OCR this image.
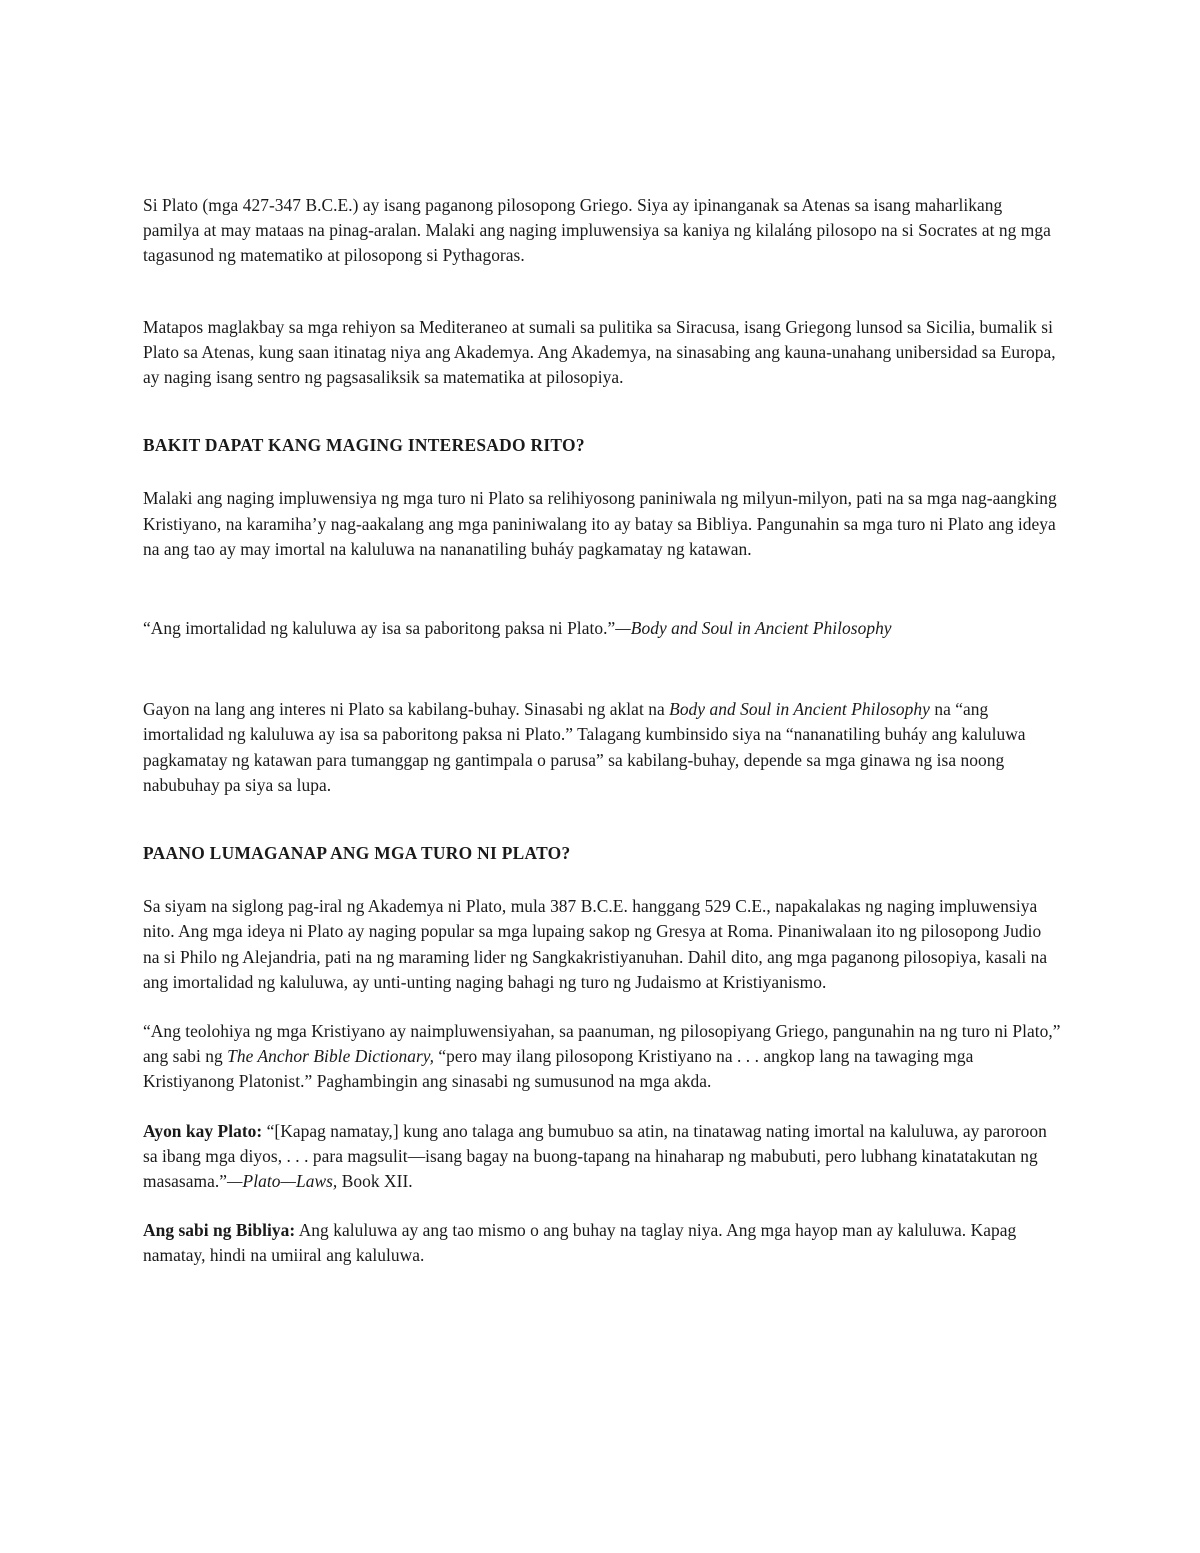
Si Plato (mga 427-347 B.C.E.) ay isang paganong pilosopong Griego. Siya ay ipinanganak sa Atenas sa isang maharlikang pamilya at may mataas na pinag-aralan. Malaki ang naging impluwensiya sa kaniya ng kilaláng pilosopo na si Socrates at ng mga tagasunod ng matematiko at pilosopong si Pythagoras.

Matapos maglakbay sa mga rehiyon sa Mediteraneo at sumali sa pulitika sa Siracusa, isang Griegong lunsod sa Sicilia, bumalik si Plato sa Atenas, kung saan itinatag niya ang Akademya. Ang Akademya, na sinasabing ang kauna-unahang unibersidad sa Europa, ay naging isang sentro ng pagsasaliksik sa matematika at pilosopiya.

BAKIT DAPAT KANG MAGING INTERESADO RITO?

Malaki ang naging impluwensiya ng mga turo ni Plato sa relihiyosong paniniwala ng milyun-milyon, pati na sa mga nag-aangking Kristiyano, na karamiha’y nag-aakalang ang mga paniniwalang ito ay batay sa Bibliya. Pangunahin sa mga turo ni Plato ang ideya na ang tao ay may imortal na kaluluwa na nananatiling buháy pagkamatay ng katawan.

“Ang imortalidad ng kaluluwa ay isa sa paboritong paksa ni Plato.”—Body and Soul in Ancient Philosophy

Gayon na lang ang interes ni Plato sa kabilang-buhay. Sinasabi ng aklat na Body and Soul in Ancient Philosophy na “ang imortalidad ng kaluluwa ay isa sa paboritong paksa ni Plato.” Talagang kumbinsido siya na “nananatiling buháy ang kaluluwa pagkamatay ng katawan para tumanggap ng gantimpala o parusa” sa kabilang-buhay, depende sa mga ginawa ng isa noong nabubuhay pa siya sa lupa.

PAANO LUMAGANAP ANG MGA TURO NI PLATO?

Sa siyam na siglong pag-iral ng Akademya ni Plato, mula 387 B.C.E. hanggang 529 C.E., napakalakas ng naging impluwensiya nito. Ang mga ideya ni Plato ay naging popular sa mga lupaing sakop ng Gresya at Roma. Pinaniwalaan ito ng pilosopong Judio na si Philo ng Alejandria, pati na ng maraming lider ng Sangkakristiyanuhan. Dahil dito, ang mga paganong pilosopiya, kasali na ang imortalidad ng kaluluwa, ay unti-unting naging bahagi ng turo ng Judaismo at Kristiyanismo.

“Ang teolohiya ng mga Kristiyano ay naimpluwensiyahan, sa paanuman, ng pilosopiyang Griego, pangunahin na ng turo ni Plato,” ang sabi ng The Anchor Bible Dictionary, “pero may ilang pilosopong Kristiyano na . . . angkop lang na tawaging mga Kristiyanong Platonist.” Paghambingin ang sinasabi ng sumusunod na mga akda.

Ayon kay Plato: “[Kapag namatay,] kung ano talaga ang bumubuo sa atin, na tinatawag nating imortal na kaluluwa, ay paroroon sa ibang mga diyos, . . . para magsulit—isang bagay na buong-tapang na hinaharap ng mabubuti, pero lubhang kinatatakutan ng masasama.”—Plato—Laws, Book XII.

Ang sabi ng Bibliya: Ang kaluluwa ay ang tao mismo o ang buhay na taglay niya. Ang mga hayop man ay kaluluwa. Kapag namatay, hindi na umiiral ang kaluluwa.
